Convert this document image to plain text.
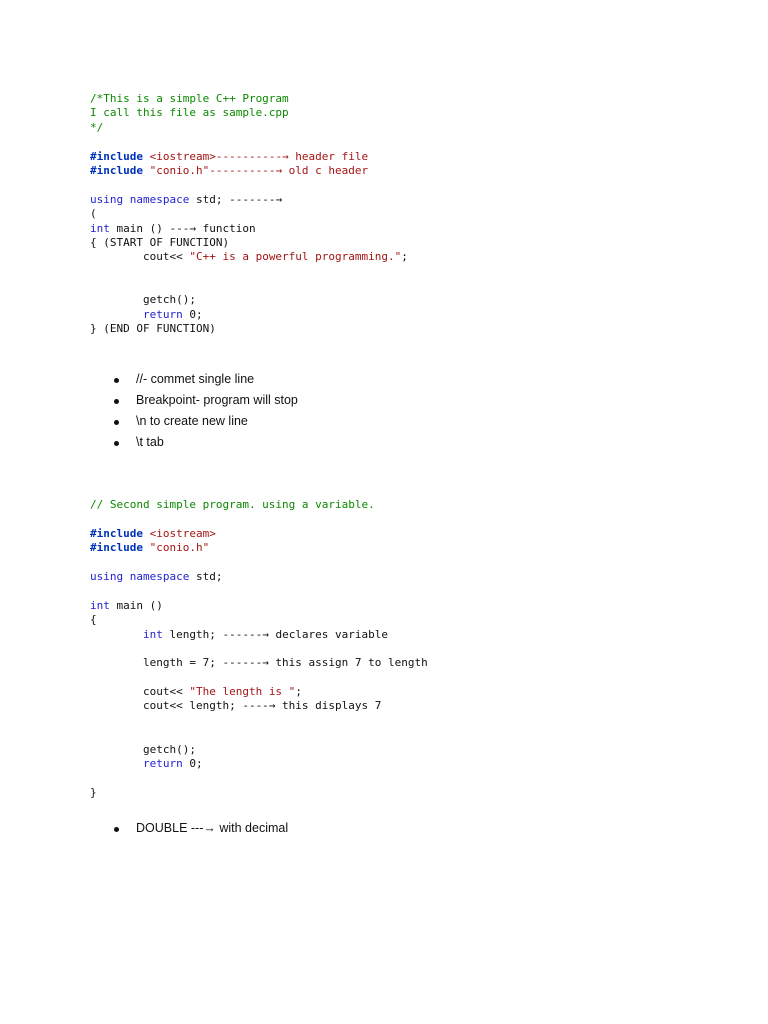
/*This is a simple C++ Program
I call this file as sample.cpp
*/
#include <iostream>----------→ header file
#include "conio.h"----------→ old c header
using namespace std; -------→
(
int main () ---→ function
{ (START OF FUNCTION)
cout<< "C++ is a powerful programming.";
getch();
return 0;
} (END OF FUNCTION)
//- commet single line
Breakpoint- program will stop
\n to create new line
\t tab
// Second simple program. using a variable.
#include <iostream>
#include "conio.h"
using namespace std;
int main ()
{
int length; ------→ declares variable
length = 7; ------→ this assign 7 to length
cout<< "The length is ";
cout<< length; ----→ this displays 7
getch();
return 0;
}
DOUBLE ---→ with decimal
